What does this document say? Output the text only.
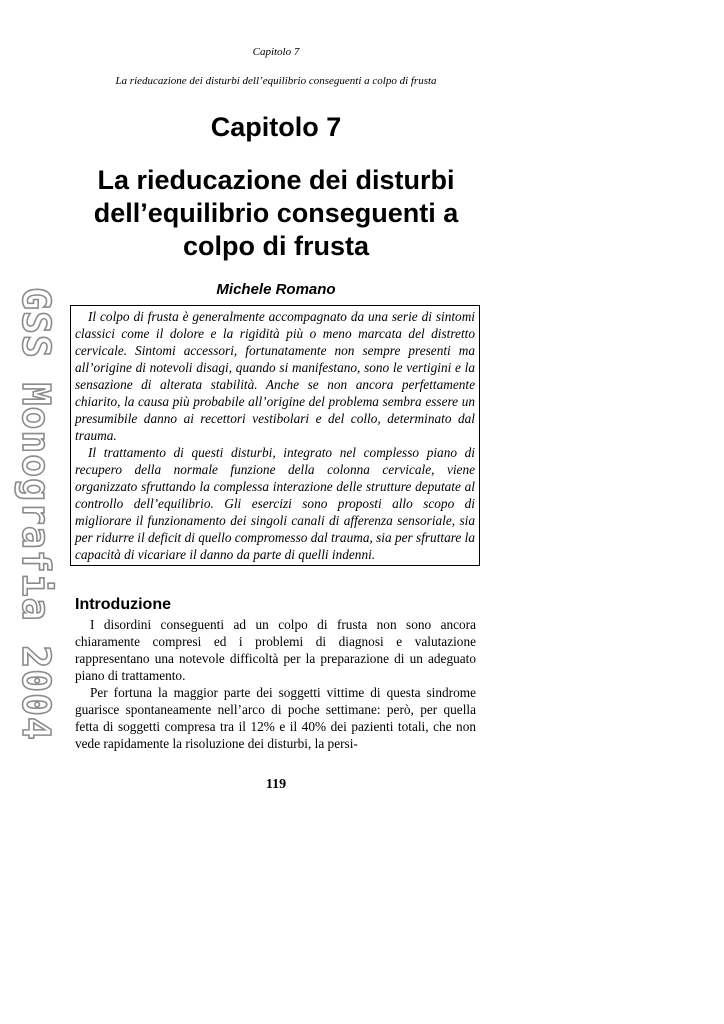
Capitolo 7
La rieducazione dei disturbi dell’equilibrio conseguenti a colpo di frusta
Capitolo 7
La rieducazione dei disturbi
dell’equilibrio conseguenti a
colpo di frusta
Michele Romano

Il colpo di frusta è generalmente accompagnato da una serie di sintomi classici come il dolore e la rigidità più o meno marcata del distretto cervicale. Sintomi accessori, fortunatamente non sempre presenti ma all’origine di notevoli disagi, quando si manifestano, sono le vertigini e la sensazione di alterata stabilità. Anche se non ancora perfettamente chiarito, la causa più probabile all’origine del problema sembra essere un presumibile danno ai recettori vestibolari e del collo, determinato dal trauma.

Il trattamento di questi disturbi, integrato nel complesso piano di recupero della normale funzione della colonna cervicale, viene organizzato sfruttando la complessa interazione delle strutture deputate al controllo dell’equilibrio. Gli esercizi sono proposti allo scopo di migliorare il funzionamento dei singoli canali di afferenza sensoriale, sia per ridurre il deficit di quello compromesso dal trauma, sia per sfruttare la capacità di vicariare il danno da parte di quelli indenni.

Introduzione

I disordini conseguenti ad un colpo di frusta non sono ancora chiaramente compresi ed i problemi di diagnosi e valutazione rappresentano una notevole difficoltà per la preparazione di un adeguato piano di trattamento.

Per fortuna la maggior parte dei soggetti vittime di questa sindrome guarisce spontaneamente nell’arco di poche settimane: però, per quella fetta di soggetti compresa tra il 12% e il 40% dei pazienti totali, che non vede rapidamente la risoluzione dei disturbi, la persi-

119
GSS Monografia 2004
